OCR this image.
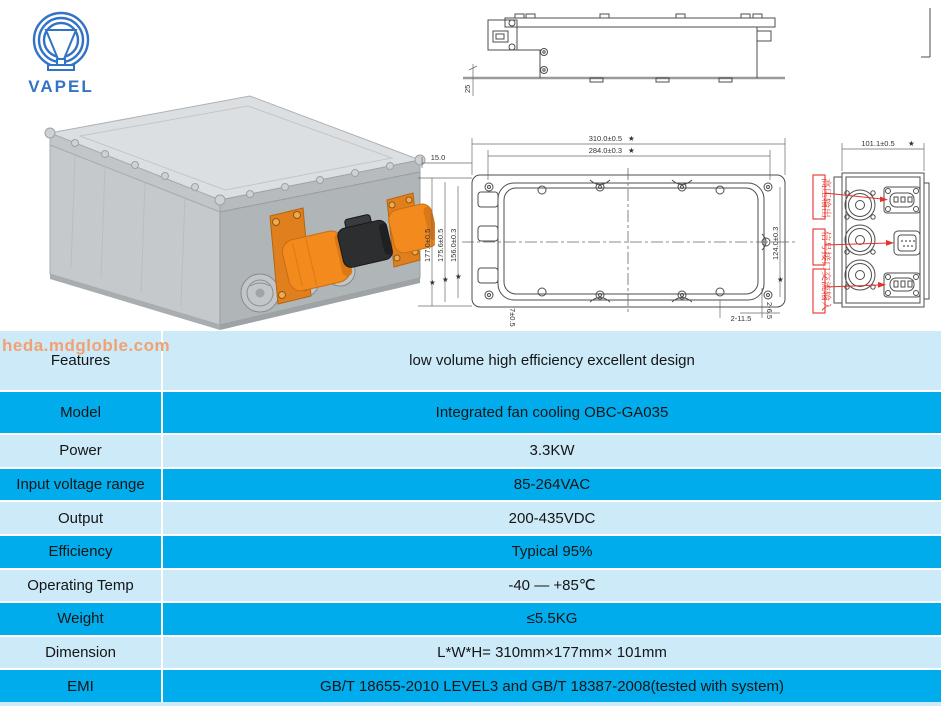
VAPEL	25
310.0±0.5 ★
284.0±0.3 ★
15.0
177.0±0.5 175.6±0.5 156.0±0.3
★ ★ ★
124.0±0.3
★
2-11.5 2-6.5
7±0.5
101.1±0.5 ★
高压输出
信号接口
交流输入
heda.mdgloble.com
Features	low volume high efficiency excellent design
Model	Integrated fan cooling OBC-GA035
Power	3.3KW
Input voltage range	85-264VAC
Output	200-435VDC
Efficiency	Typical 95%
Operating Temp	-40 — +85℃
Weight	≤5.5KG
Dimension	L*W*H= 310mm×177mm× 101mm
EMI	GB/T 18655-2010 LEVEL3 and GB/T 18387-2008(tested with system)
